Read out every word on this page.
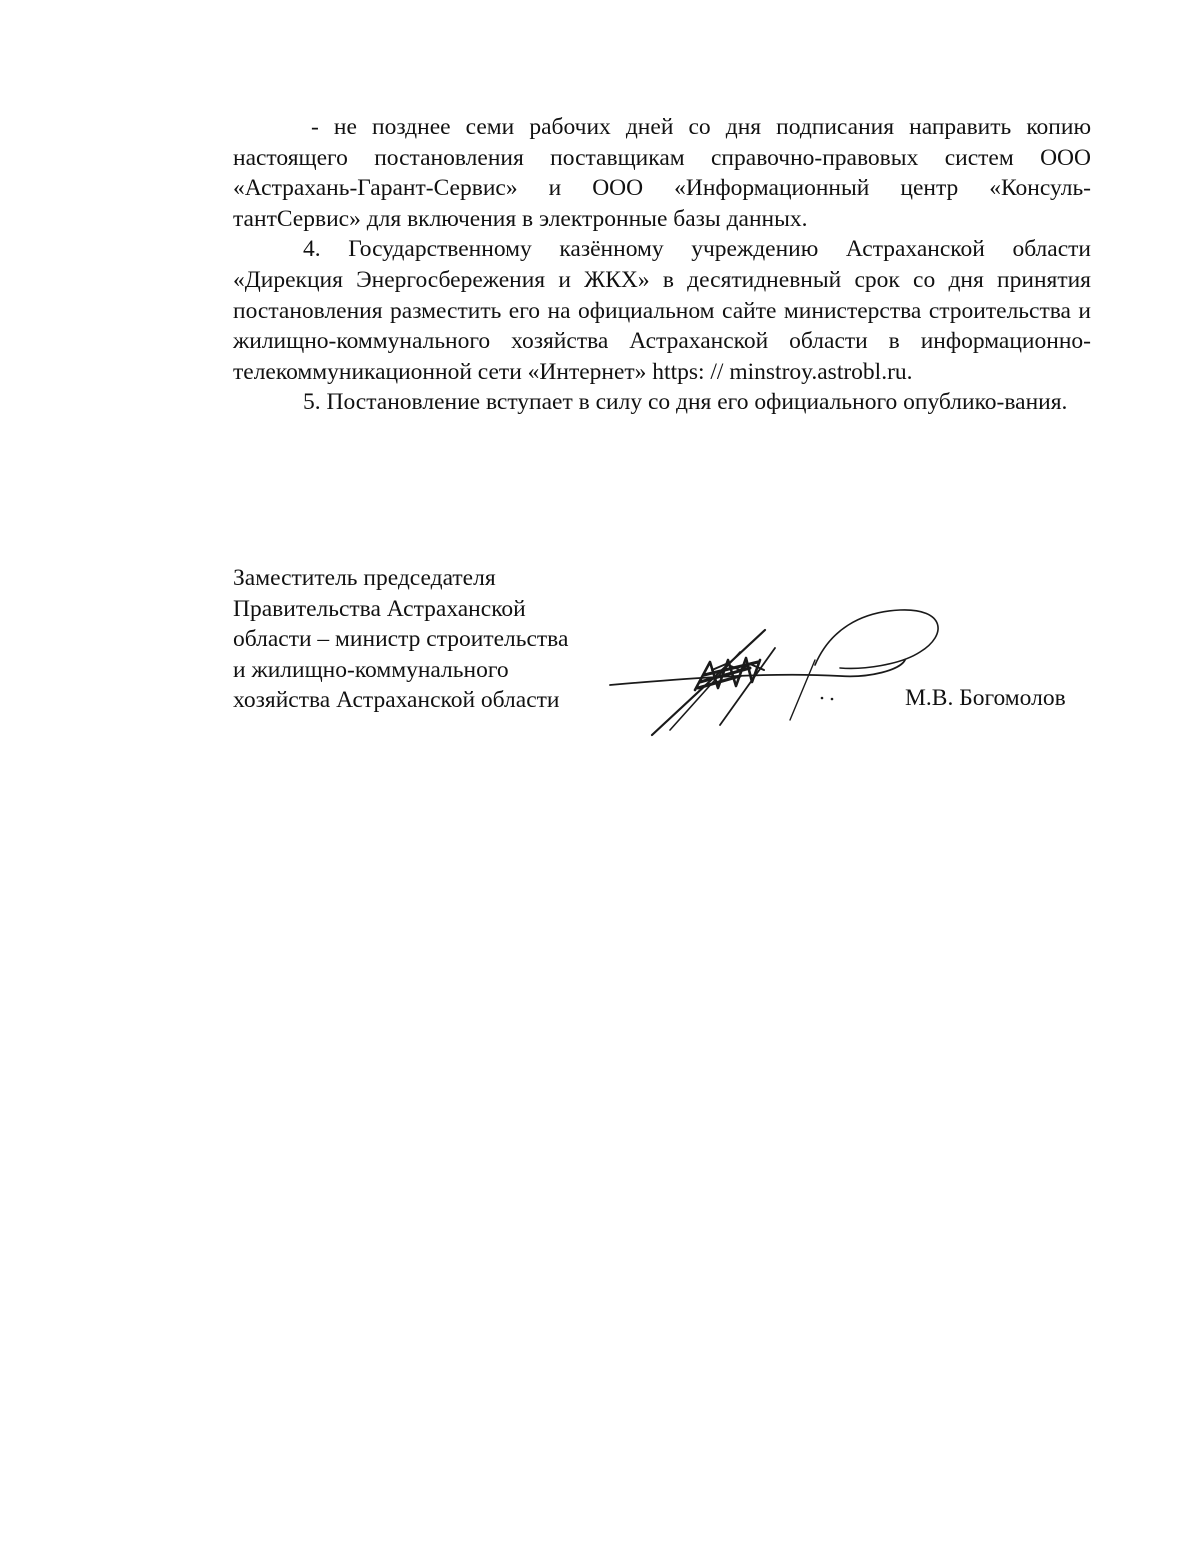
- не позднее семи рабочих дней со дня подписания направить копию настоящего постановления поставщикам справочно-правовых систем ООО «Астрахань-Гарант-Сервис» и ООО «Информационный центр «Консуль-тантСервис» для включения в электронные базы данных.

4. Государственному казённому учреждению Астраханской области «Дирекция Энергосбережения и ЖКХ» в десятидневный срок со дня принятия постановления разместить его на официальном сайте министерства строительства и жилищно-коммунального хозяйства Астраханской области в информационно-телекоммуникационной сети «Интернет» https: // minstroy.astrobl.ru.

5. Постановление вступает в силу со дня его официального опублико-вания.

Заместитель председателя
Правительства Астраханской
области – министр строительства
и жилищно-коммунального
хозяйства Астраханской области	М.В. Богомолов
